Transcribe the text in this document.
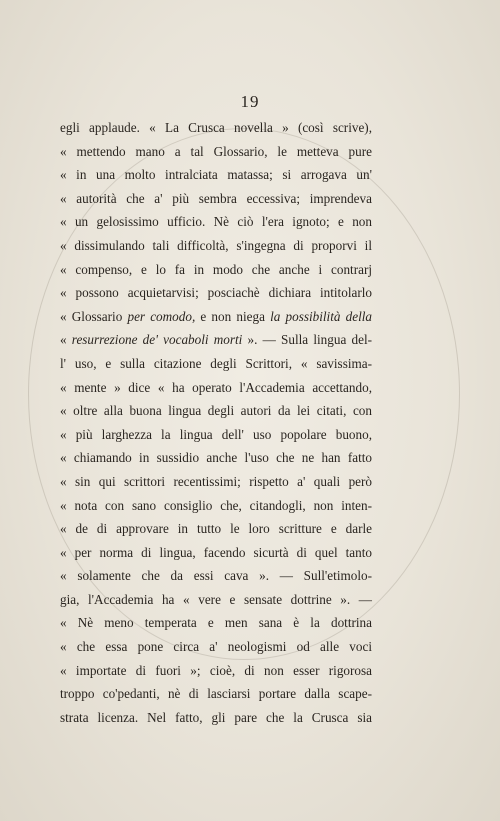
19
egli applaude. « La Crusca novella » (così scrive),
« mettendo mano a tal Glossario, le metteva pure
« in una molto intralciata matassa; si arrogava un'
« autorità che a' più sembra eccessiva; imprendeva
« un gelosissimo ufficio. Nè ciò l'era ignoto; e non
« dissimulando tali difficoltà, s'ingegna di proporvi il
« compenso, e lo fa in modo che anche i contrarj
« possono acquietarvisi; posciachè dichiara intitolarlo
« Glossario per comodo, e non niega la possibilità della
« resurrezione de' vocaboli morti ». — Sulla lingua del-
l' uso, e sulla citazione degli Scrittori, « savissima-
« mente » dice « ha operato l'Accademia accettando,
« oltre alla buona lingua degli autori da lei citati, con
« più larghezza la lingua dell' uso popolare buono,
« chiamando in sussidio anche l'uso che ne han fatto
« sin qui scrittori recentissimi; rispetto a' quali però
« nota con sano consiglio che, citandogli, non inten-
« de di approvare in tutto le loro scritture e darle
« per norma di lingua, facendo sicurtà di quel tanto
« solamente che da essi cava ». — Sull'etimolo-
gia, l'Accademia ha « vere e sensate dottrine ». —
« Nè meno temperata e men sana è la dottrina
« che essa pone circa a' neologismi od alle voci
« importate di fuori »; cioè, di non esser rigorosa
troppo co'pedanti, nè di lasciarsi portare dalla scape-
strata licenza. Nel fatto, gli pare che la Crusca sia
